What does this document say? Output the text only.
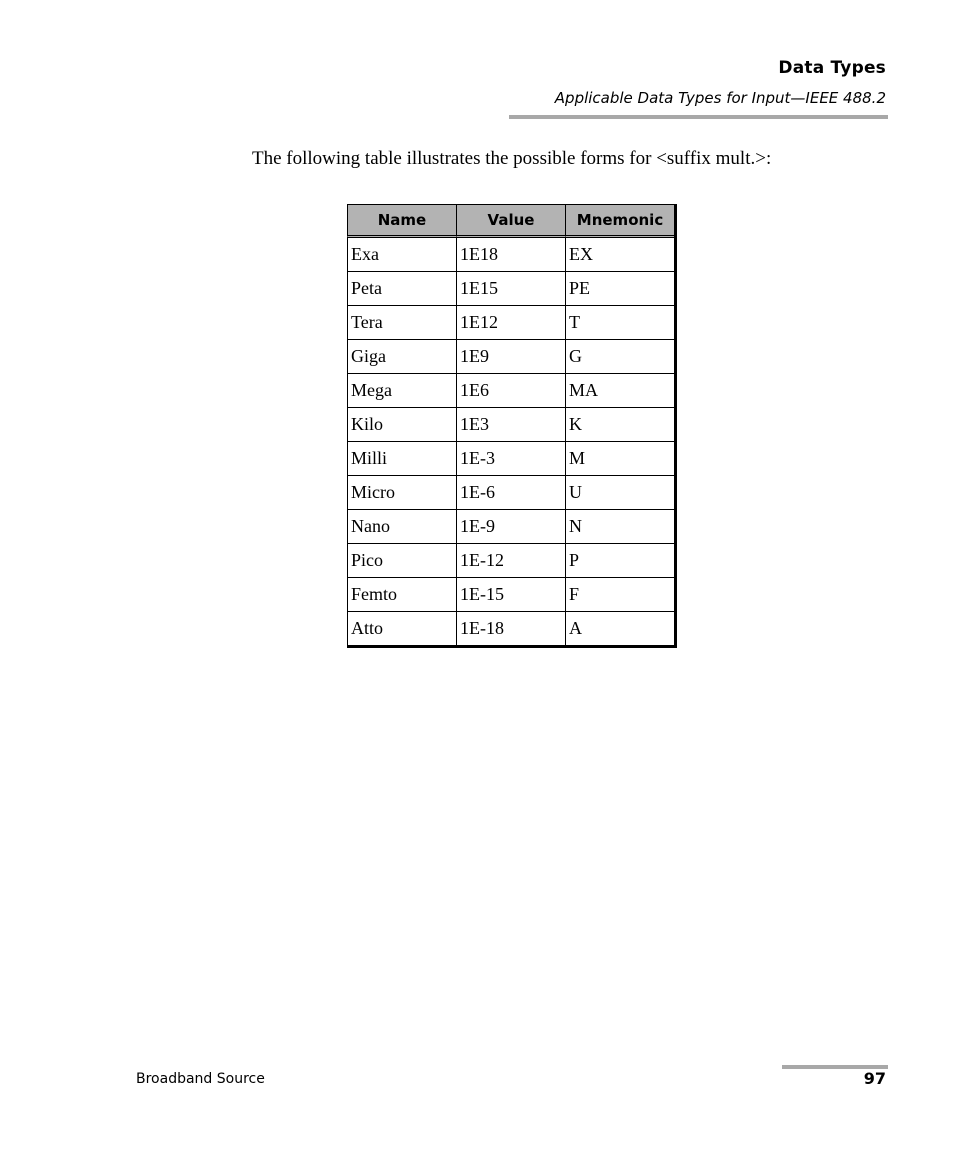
Data Types
Applicable Data Types for Input—IEEE 488.2
The following table illustrates the possible forms for <suffix mult.>:
Name	Value	Mnemonic
Exa	1E18	EX
Peta	1E15	PE
Tera	1E12	T
Giga	1E9	G
Mega	1E6	MA
Kilo	1E3	K
Milli	1E-3	M
Micro	1E-6	U
Nano	1E-9	N
Pico	1E-12	P
Femto	1E-15	F
Atto	1E-18	A
Broadband Source	97
